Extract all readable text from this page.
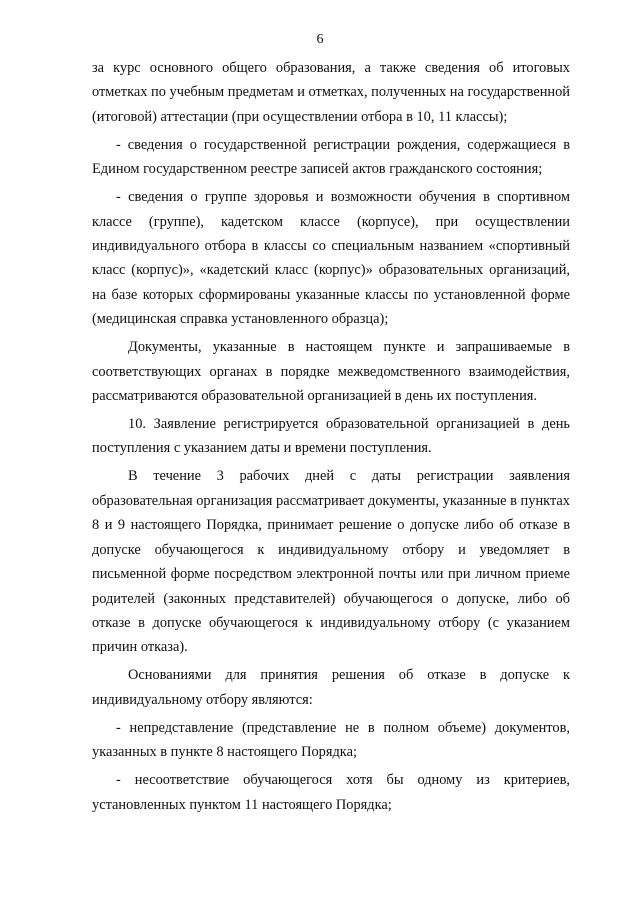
6

за курс основного общего образования, а также сведения об итоговых отметках по учебным предметам и отметках, полученных на государственной (итоговой) аттестации (при осуществлении отбора в 10, 11 классы);

- сведения о государственной регистрации рождения, содержащиеся в Едином государственном реестре записей актов гражданского состояния;

- сведения о группе здоровья и возможности обучения в спортивном классе (группе), кадетском классе (корпусе), при осуществлении индивидуального отбора в классы со специальным названием «спортивный класс (корпус)», «кадетский класс (корпус)» образовательных организаций, на базе которых сформированы указанные классы по установленной форме (медицинская справка установленного образца);

Документы, указанные в настоящем пункте и запрашиваемые в соответствующих органах в порядке межведомственного взаимодействия, рассматриваются образовательной организацией в день их поступления.

10. Заявление регистрируется образовательной организацией в день поступления с указанием даты и времени поступления.

В течение 3 рабочих дней с даты регистрации заявления образовательная организация рассматривает документы, указанные в пунктах 8 и 9 настоящего Порядка, принимает решение о допуске либо об отказе в допуске обучающегося к индивидуальному отбору и уведомляет в письменной форме посредством электронной почты или при личном приеме родителей (законных представителей) обучающегося о допуске, либо об отказе в допуске обучающегося к индивидуальному отбору (с указанием причин отказа).

Основаниями для принятия решения об отказе в допуске к индивидуальному отбору являются:

- непредставление (представление не в полном объеме) документов, указанных в пункте 8 настоящего Порядка;

- несоответствие обучающегося хотя бы одному из критериев, установленных пунктом 11 настоящего Порядка;
